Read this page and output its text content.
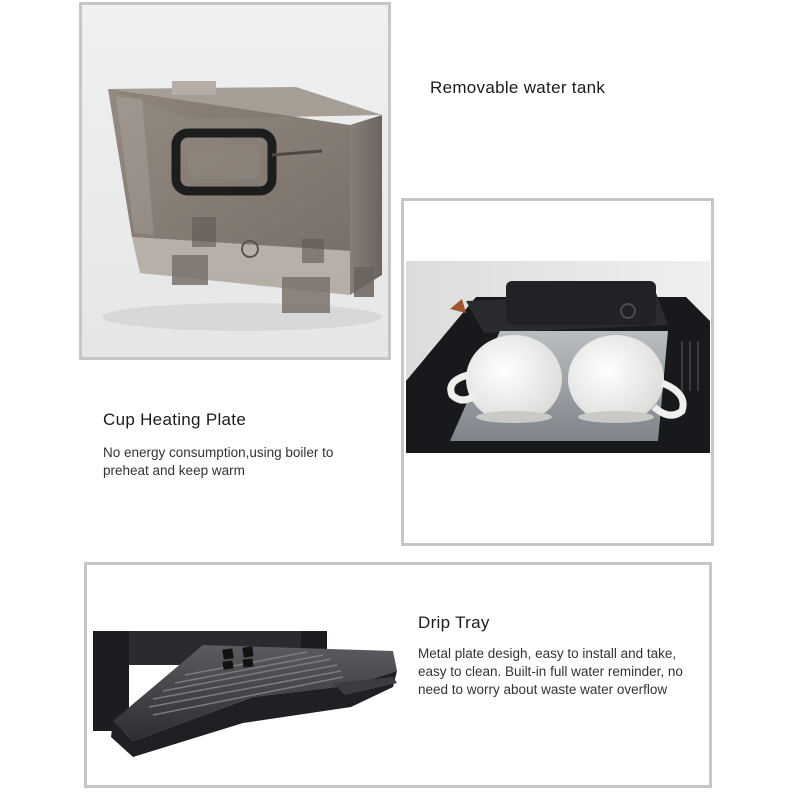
Removable water tank
Cup Heating Plate

No energy consumption,using boiler to preheat and keep warm

Drip Tray

Metal plate desigh, easy to install and take, easy to clean. Built-in full water reminder, no need to worry about waste water overflow
